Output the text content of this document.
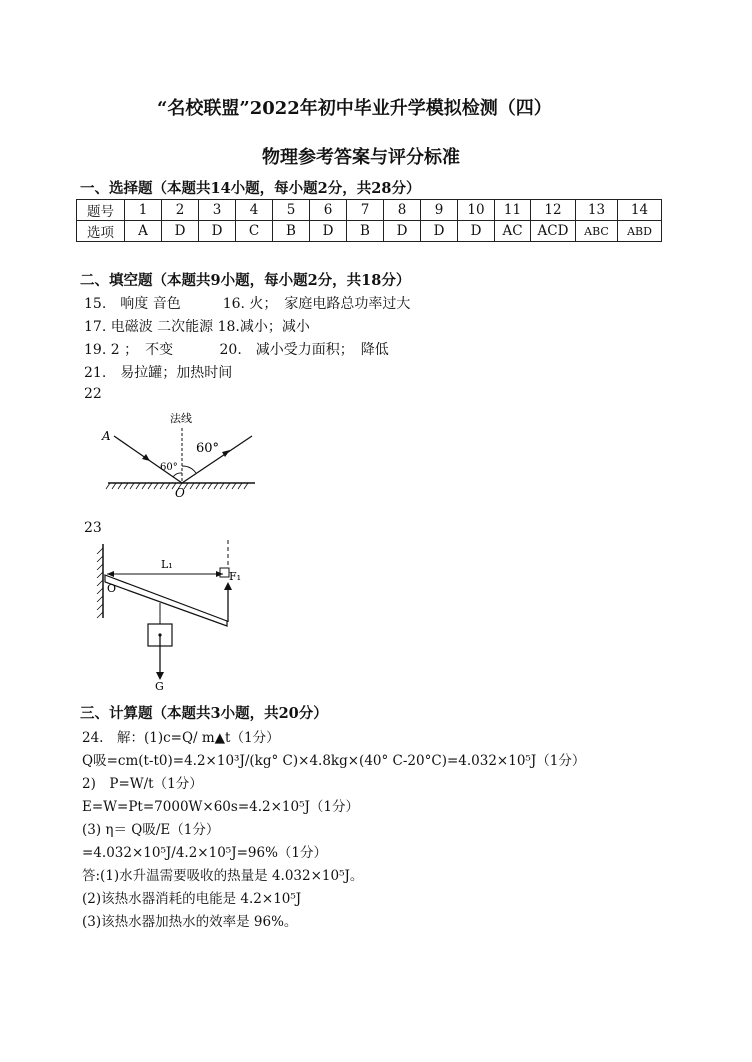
“名校联盟”2022年初中毕业升学模拟检测（四）
物理参考答案与评分标准
一、选择题（本题共14小题，每小题2分，共28分）
题号	1	2	3	4	5	6	7	8	9	10	11	12	13	14
选项	A	D	D	C	B	D	B	D	D	D	AC	ACD	ABC	ABD
二、填空题（本题共9小题，每小题2分，共18分）
15.　响度 音色　　　16. 火；　家庭电路总功率过大
17. 电磁波 二次能源 18.减小；减小
19. 2 ；　不变　　　 20.　减小受力面积；　降低
21.　易拉罐；加热时间
22
法线
60°
60°
A
O
23
L₁
F₁
O
G
三、计算题（本题共3小题，共20分）
24.　解：(1)c=Q/ m▲t（1分）
Q吸=cm(t-t0)=4.2×10³J/(kg° C)×4.8kg×(40° C-20°C)=4.032×10⁵J（1分）
2)　P=W/t（1分）
E=W=Pt=7000W×60s=4.2×10⁵J（1分）
(3) η＝ Q吸/E（1分）
=4.032×10⁵J/4.2×10⁵J=96%（1分）
答:(1)水升温需要吸收的热量是 4.032×10⁵J。
(2)该热水器消耗的电能是 4.2×10⁵J
(3)该热水器加热水的效率是 96%。
